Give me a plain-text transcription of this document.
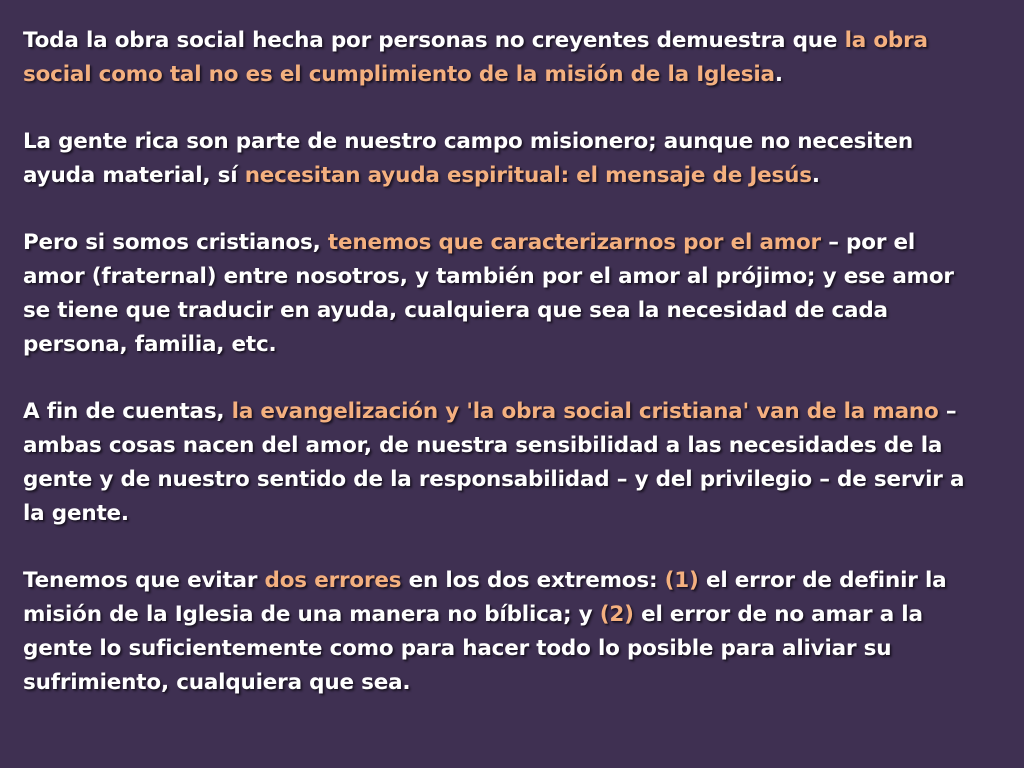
Toda la obra social hecha por personas no creyentes demuestra que la obra social como tal no es el cumplimiento de la misión de la Iglesia.

La gente rica son parte de nuestro campo misionero; aunque no necesiten ayuda material, sí necesitan ayuda espiritual: el mensaje de Jesús.

Pero si somos cristianos, tenemos que caracterizarnos por el amor – por el amor (fraternal) entre nosotros, y también por el amor al prójimo; y ese amor se tiene que traducir en ayuda, cualquiera que sea la necesidad de cada persona, familia, etc.

A fin de cuentas, la evangelización y 'la obra social cristiana' van de la mano – ambas cosas nacen del amor, de nuestra sensibilidad a las necesidades de la gente y de nuestro sentido de la responsabilidad – y del privilegio – de servir a la gente.

Tenemos que evitar dos errores en los dos extremos: (1) el error de definir la misión de la Iglesia de una manera no bíblica; y (2) el error de no amar a la gente lo suficientemente como para hacer todo lo posible para aliviar su sufrimiento, cualquiera que sea.
